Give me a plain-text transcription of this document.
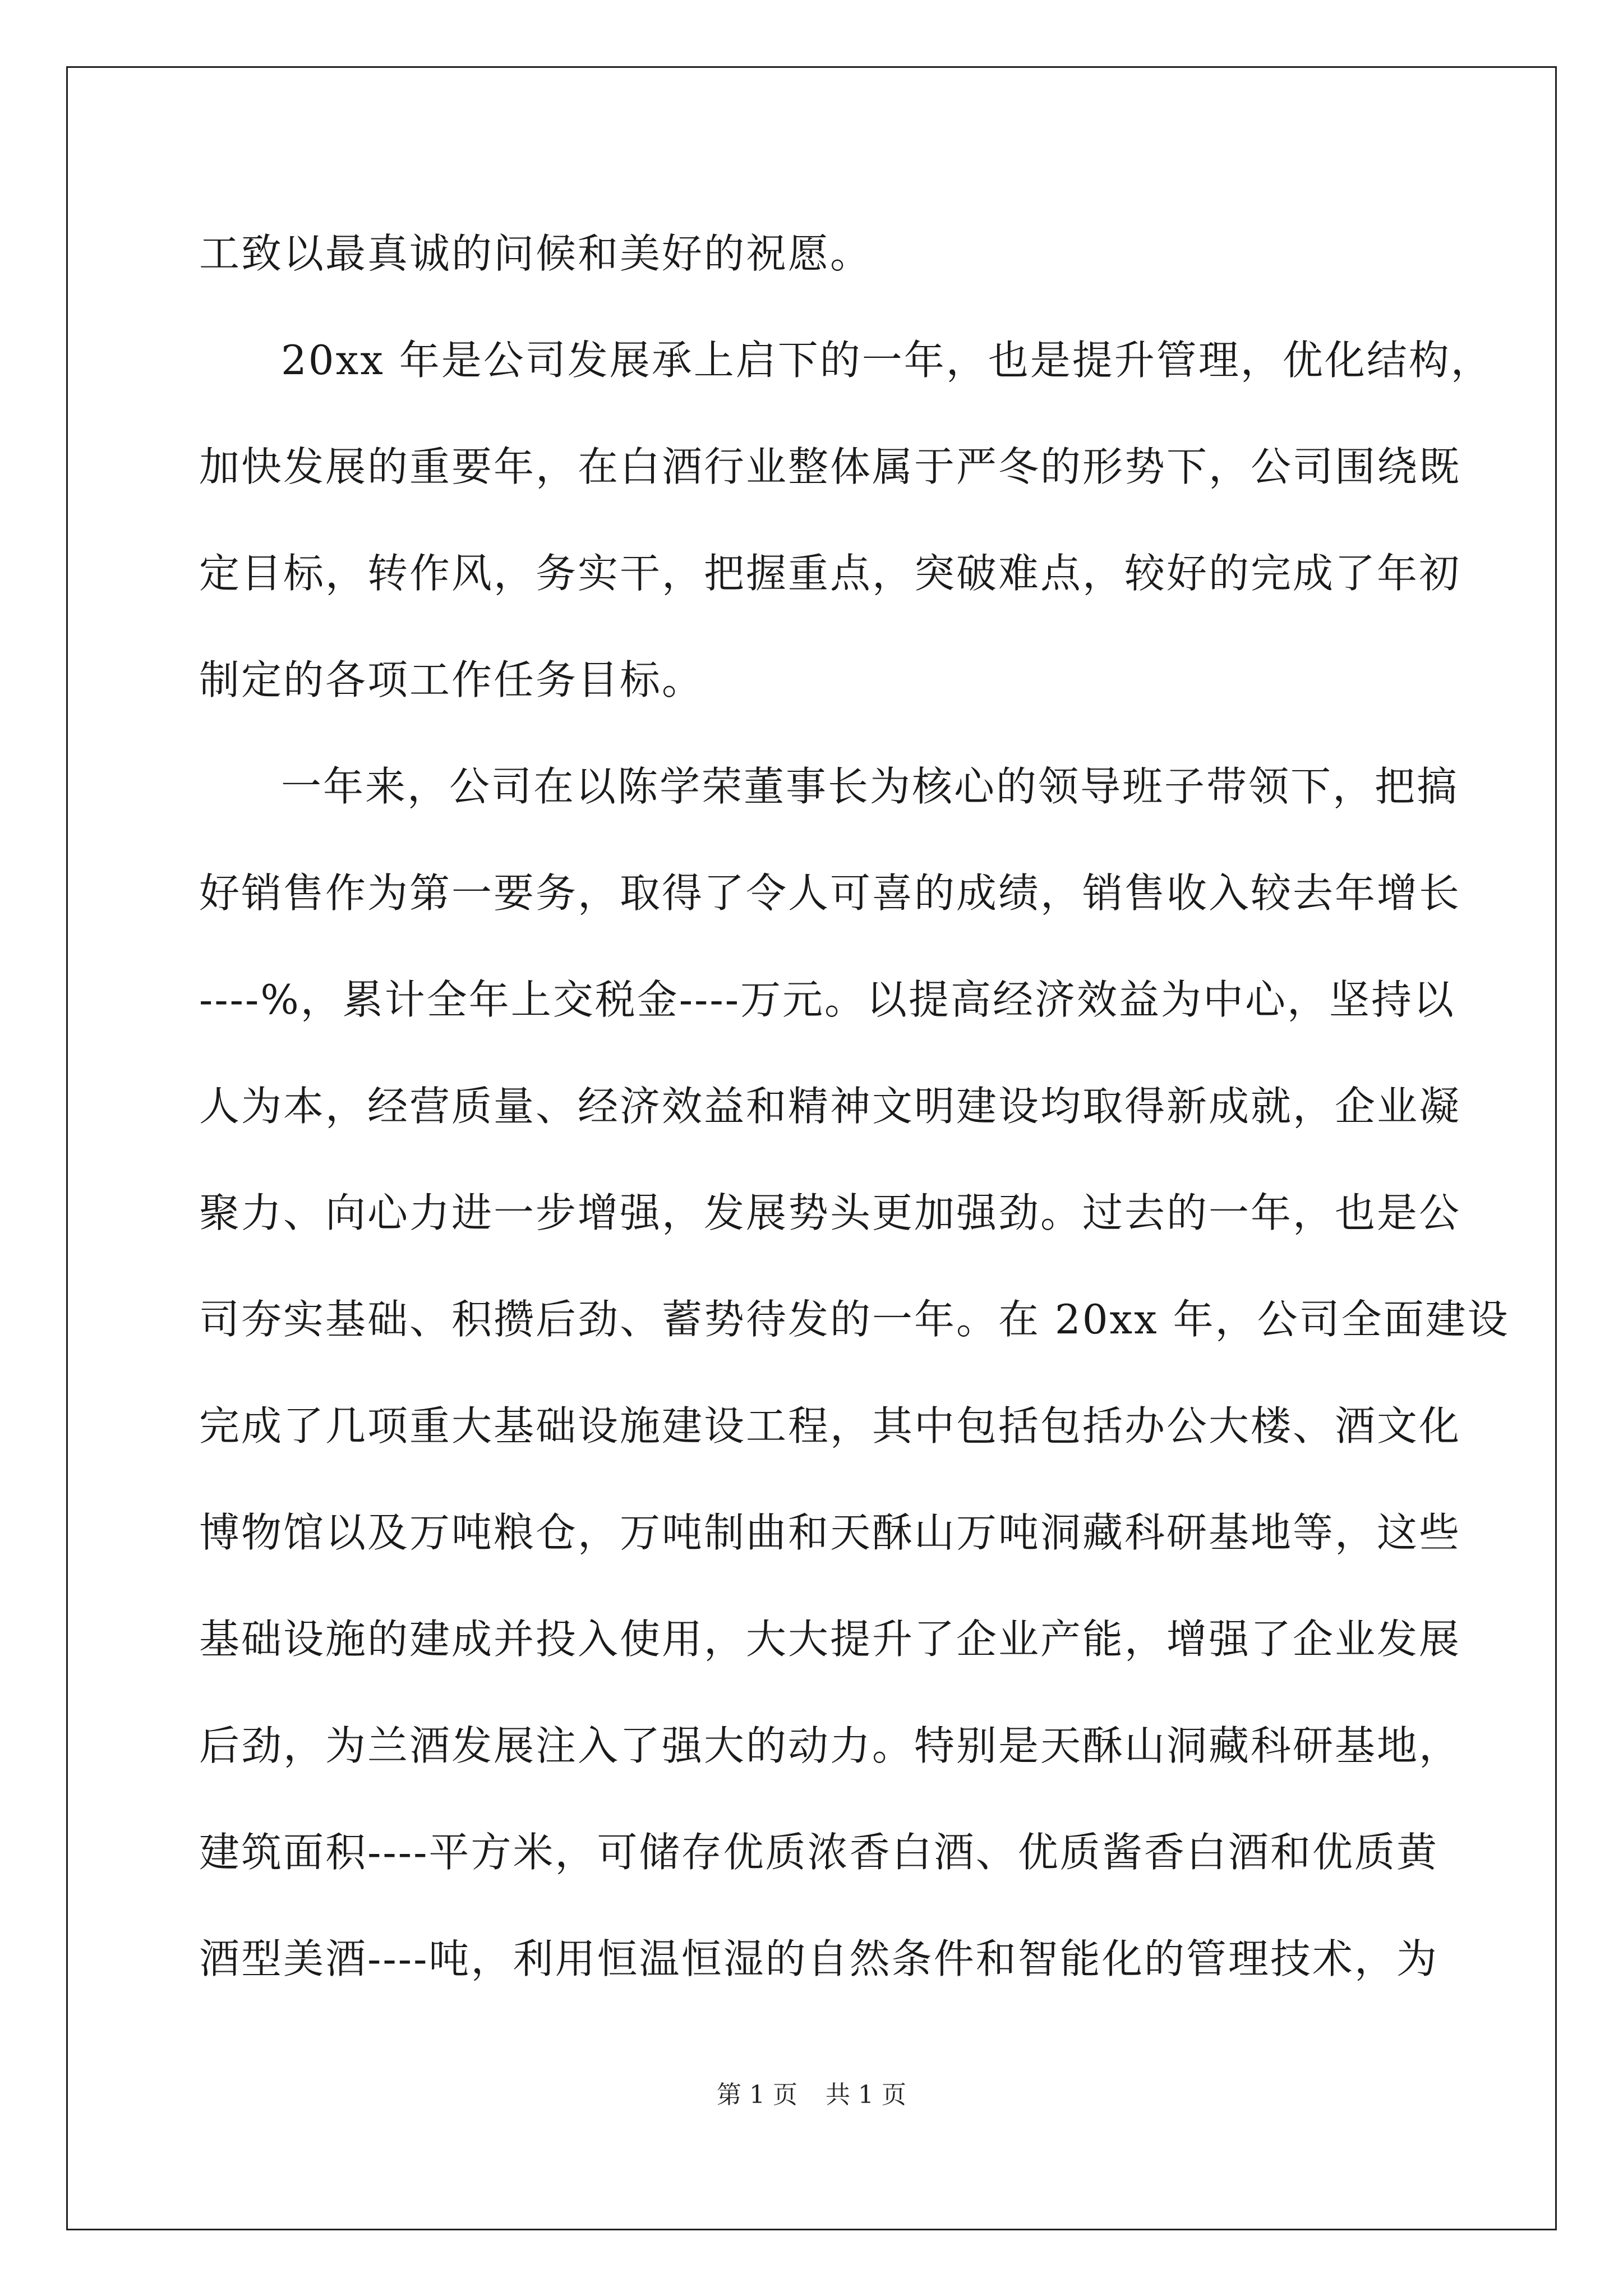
工致以最真诚的问候和美好的祝愿。
20xx 年是公司发展承上启下的一年，也是提升管理，优化结构，
加快发展的重要年，在白酒行业整体属于严冬的形势下，公司围绕既
定目标，转作风，务实干，把握重点，突破难点，较好的完成了年初
制定的各项工作任务目标。
一年来，公司在以陈学荣董事长为核心的领导班子带领下，把搞
好销售作为第一要务，取得了令人可喜的成绩，销售收入较去年增长
----%，累计全年上交税金----万元。以提高经济效益为中心，坚持以
人为本，经营质量、经济效益和精神文明建设均取得新成就，企业凝
聚力、向心力进一步增强，发展势头更加强劲。过去的一年，也是公
司夯实基础、积攒后劲、蓄势待发的一年。在 20xx 年，公司全面建设
完成了几项重大基础设施建设工程，其中包括包括办公大楼、酒文化
博物馆以及万吨粮仓，万吨制曲和天酥山万吨洞藏科研基地等，这些
基础设施的建成并投入使用，大大提升了企业产能，增强了企业发展
后劲，为兰酒发展注入了强大的动力。特别是天酥山洞藏科研基地，
建筑面积----平方米，可储存优质浓香白酒、优质酱香白酒和优质黄
酒型美酒----吨，利用恒温恒湿的自然条件和智能化的管理技术，为
第 1 页 共 1 页
